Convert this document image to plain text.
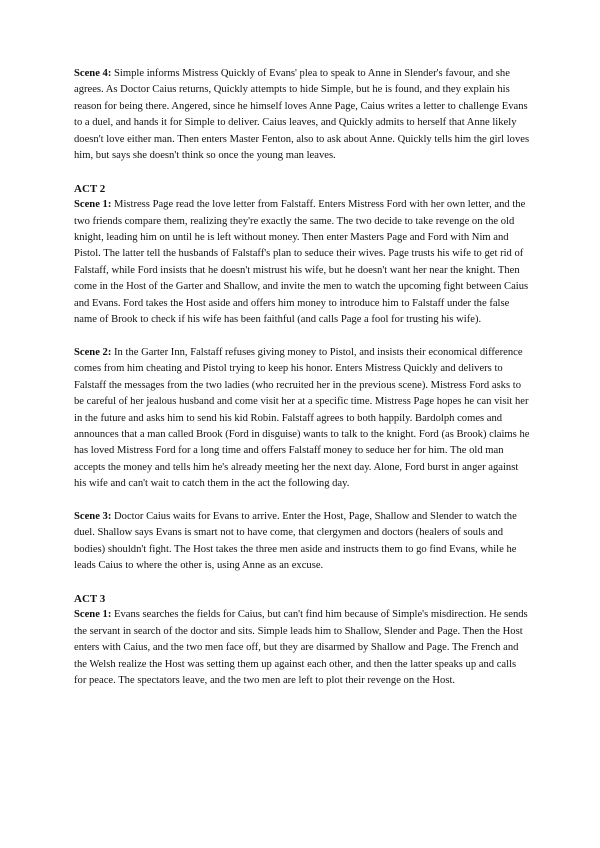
Scene 4: Simple informs Mistress Quickly of Evans' plea to speak to Anne in Slender's favour, and she agrees. As Doctor Caius returns, Quickly attempts to hide Simple, but he is found, and they explain his reason for being there. Angered, since he himself loves Anne Page, Caius writes a letter to challenge Evans to a duel, and hands it for Simple to deliver. Caius leaves, and Quickly admits to herself that Anne likely doesn't love either man. Then enters Master Fenton, also to ask about Anne. Quickly tells him the girl loves him, but says she doesn't think so once the young man leaves.

ACT 2

Scene 1: Mistress Page read the love letter from Falstaff. Enters Mistress Ford with her own letter, and the two friends compare them, realizing they're exactly the same. The two decide to take revenge on the old knight, leading him on until he is left without money. Then enter Masters Page and Ford with Nim and Pistol. The latter tell the husbands of Falstaff's plan to seduce their wives. Page trusts his wife to get rid of Falstaff, while Ford insists that he doesn't mistrust his wife, but he doesn't want her near the knight. Then come in the Host of the Garter and Shallow, and invite the men to watch the upcoming fight between Caius and Evans. Ford takes the Host aside and offers him money to introduce him to Falstaff under the false name of Brook to check if his wife has been faithful (and calls Page a fool for trusting his wife).

Scene 2: In the Garter Inn, Falstaff refuses giving money to Pistol, and insists their economical difference comes from him cheating and Pistol trying to keep his honor. Enters Mistress Quickly and delivers to Falstaff the messages from the two ladies (who recruited her in the previous scene). Mistress Ford asks to be careful of her jealous husband and come visit her at a specific time. Mistress Page hopes he can visit her in the future and asks him to send his kid Robin. Falstaff agrees to both happily. Bardolph comes and announces that a man called Brook (Ford in disguise) wants to talk to the knight. Ford (as Brook) claims he has loved Mistress Ford for a long time and offers Falstaff money to seduce her for him. The old man accepts the money and tells him he's already meeting her the next day. Alone, Ford burst in anger against his wife and can't wait to catch them in the act the following day.

Scene 3: Doctor Caius waits for Evans to arrive. Enter the Host, Page, Shallow and Slender to watch the duel. Shallow says Evans is smart not to have come, that clergymen and doctors (healers of souls and bodies) shouldn't fight. The Host takes the three men aside and instructs them to go find Evans, while he leads Caius to where the other is, using Anne as an excuse.

ACT 3

Scene 1: Evans searches the fields for Caius, but can't find him because of Simple's misdirection. He sends the servant in search of the doctor and sits. Simple leads him to Shallow, Slender and Page. Then the Host enters with Caius, and the two men face off, but they are disarmed by Shallow and Page. The French and the Welsh realize the Host was setting them up against each other, and then the latter speaks up and calls for peace. The spectators leave, and the two men are left to plot their revenge on the Host.
